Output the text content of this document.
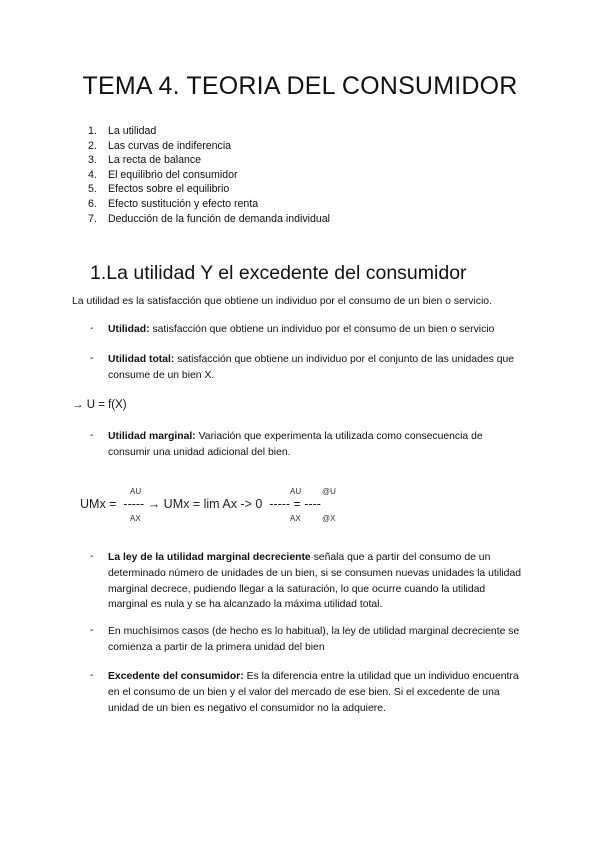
TEMA 4. TEORIA DEL CONSUMIDOR
1.	La utilidad
2.	Las curvas de indiferencia
3.	La recta de balance
4.	El equilibrio del consumidor
5.	Efectos sobre el equilibrio
6.	Efecto sustitución y efecto renta
7.	Deducción de la función de demanda individual
1.La utilidad Y el excedente del consumidor

La utilidad es la satisfacción que obtiene un individuo por el consumo de un bien o servicio.

- Utilidad: satisfacción que obtiene un individuo por el consumo de un bien o servicio

- Utilidad total: satisfacción que obtiene un individuo por el conjunto de las unidades que consume de un bien X.

→ U = f(X)

- Utilidad marginal: Variación que experimenta la utilizada como consecuencia de consumir una unidad adicional del bien.

UMx =  ----- → UMx = lim Ax -> 0  ----- = ----
AU
AX
AU
AX
@U
@X
- La ley de la utilidad marginal decreciente señala que a partir del consumo de un determinado número de unidades de un bien, si se consumen nuevas unidades la utilidad marginal decrece, pudiendo llegar a la saturación, lo que ocurre cuando la utilidad marginal es nula y se ha alcanzado la máxima utilidad total.

- En muchísimos casos (de hecho es lo habitual), la ley de utilidad marginal decreciente se comienza a partir de la primera unidad del bien

- Excedente del consumidor: Es la diferencia entre la utilidad que un individuo encuentra en el consumo de un bien y el valor del mercado de ese bien. Si el excedente de una unidad de un bien es negativo el consumidor no la adquiere.
